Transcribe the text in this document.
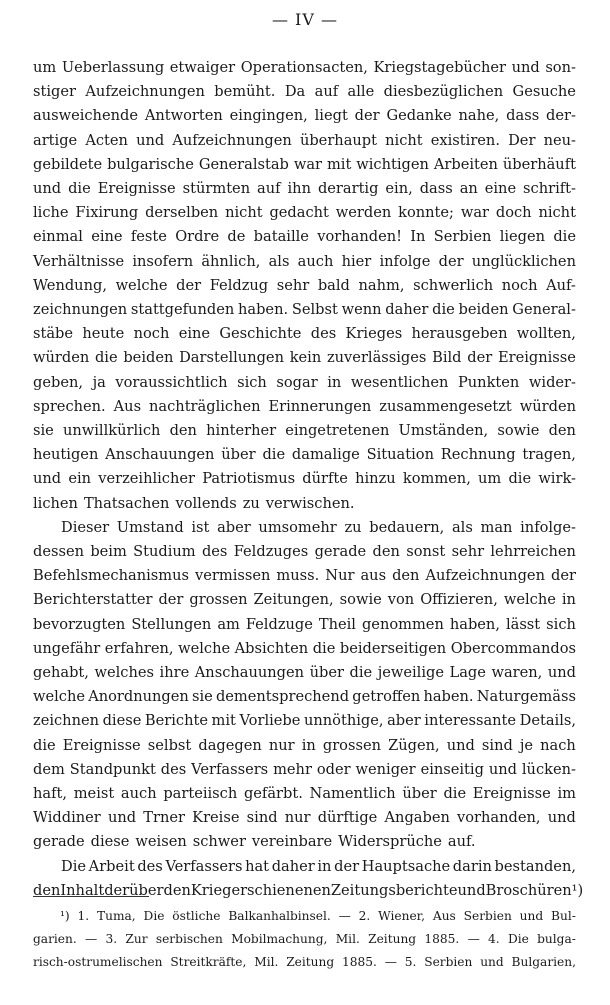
— IV —
um Ueberlassung etwaiger Operationsacten, Kriegstagebücher und son-
stiger Aufzeichnungen bemüht. Da auf alle diesbezüglichen Gesuche
ausweichende Antworten eingingen, liegt der Gedanke nahe, dass der-
artige Acten und Aufzeichnungen überhaupt nicht existiren. Der neu-
gebildete bulgarische Generalstab war mit wichtigen Arbeiten überhäuft
und die Ereignisse stürmten auf ihn derartig ein, dass an eine schrift-
liche Fixirung derselben nicht gedacht werden konnte; war doch nicht
einmal eine feste Ordre de bataille vorhanden! In Serbien liegen die
Verhältnisse insofern ähnlich, als auch hier infolge der unglücklichen
Wendung, welche der Feldzug sehr bald nahm, schwerlich noch Auf-
zeichnungen stattgefunden haben. Selbst wenn daher die beiden General-
stäbe heute noch eine Geschichte des Krieges herausgeben wollten,
würden die beiden Darstellungen kein zuverlässiges Bild der Ereignisse
geben, ja voraussichtlich sich sogar in wesentlichen Punkten wider-
sprechen. Aus nachträglichen Erinnerungen zusammengesetzt würden
sie unwillkürlich den hinterher eingetretenen Umständen, sowie den
heutigen Anschauungen über die damalige Situation Rechnung tragen,
und ein verzeihlicher Patriotismus dürfte hinzu kommen, um die wirk-
lichen Thatsachen vollends zu verwischen.
Dieser Umstand ist aber umsomehr zu bedauern, als man infolge-
dessen beim Studium des Feldzuges gerade den sonst sehr lehrreichen
Befehlsmechanismus vermissen muss. Nur aus den Aufzeichnungen der
Berichterstatter der grossen Zeitungen, sowie von Offizieren, welche in
bevorzugten Stellungen am Feldzuge Theil genommen haben, lässt sich
ungefähr erfahren, welche Absichten die beiderseitigen Obercommandos
gehabt, welches ihre Anschauungen über die jeweilige Lage waren, und
welche Anordnungen sie dementsprechend getroffen haben. Naturgemäss
zeichnen diese Berichte mit Vorliebe unnöthige, aber interessante Details,
die Ereignisse selbst dagegen nur in grossen Zügen, und sind je nach
dem Standpunkt des Verfassers mehr oder weniger einseitig und lücken-
haft, meist auch parteiisch gefärbt. Namentlich über die Ereignisse im
Widdiner und Trner Kreise sind nur dürftige Angaben vorhanden, und
gerade diese weisen schwer vereinbare Widersprüche auf.
Die Arbeit des Verfassers hat daher in der Hauptsache darin bestanden,
den Inhalt der über den Krieg erschienenen Zeitungsberichte und Broschüren¹)
¹) 1. Tuma, Die östliche Balkanhalbinsel. — 2. Wiener, Aus Serbien und Bul-
garien. — 3. Zur serbischen Mobilmachung, Mil. Zeitung 1885. — 4. Die bulga-
risch-ostrumelischen Streitkräfte, Mil. Zeitung 1885. — 5. Serbien und Bulgarien,
